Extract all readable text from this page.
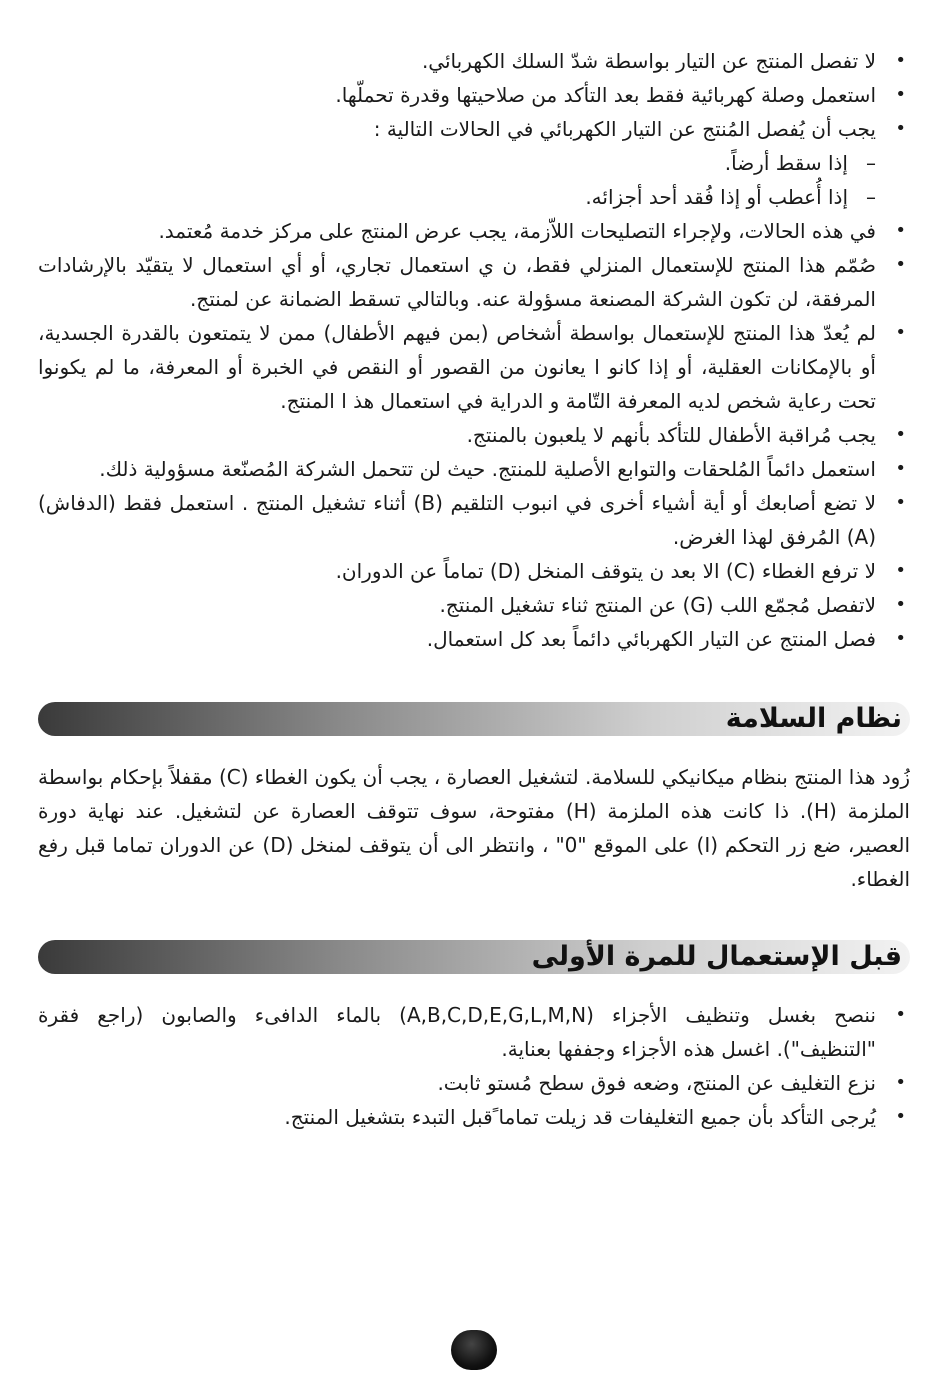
•
لا تفصل المنتج عن التيار بواسطة شدّ السلك الكهربائي.
•
استعمل وصلة كهربائية فقط بعد التأكد من صلاحيتها وقدرة تحملّها.
•
يجب أن يُفصل المُنتج عن التيار الكهربائي في الحالات التالية :
–
إذا سقط أرضاً.
–
إذا أُعطب أو إذا فُقد أحد أجزائه.
•
في هذه الحالات، ولإجراء التصليحات اللاّزمة، يجب عرض المنتج على مركز خدمة مُعتمد.
•
صُمّم هذا المنتج للإستعمال المنزلي فقط، ن ي استعمال تجاري، أو أي استعمال لا يتقيّد بالإرشادات المرفقة، لن تكون الشركة المصنعة مسؤولة عنه. وبالتالي تسقط الضمانة عن لمنتج.
•
لم يُعدّ هذا المنتج للإستعمال بواسطة أشخاص (بمن فيهم الأطفال) ممن لا يتمتعون بالقدرة الجسدية، أو بالإمكانات العقلية، أو إذا كانو ا يعانون من القصور أو النقص في الخبرة أو المعرفة، ما لم يكونوا تحت رعاية شخص لديه المعرفة التّامة و الدراية في استعمال هذ ا المنتج.
•
يجب مُراقبة الأطفال للتأكد بأنهم لا يلعبون بالمنتج.
•
استعمل دائماً المُلحقات والتوابع الأصلية للمنتج. حيث لن تتحمل الشركة المُصنّعة مسؤولية ذلك.
•
لا تضع أصابعك أو أية أشياء أخرى في انبوب التلقيم (B) أثناء تشغيل المنتج . استعمل فقط (الدفاش) (A) المُرفق لهذا الغرض.
•
لا ترفع الغطاء (C) الا بعد ن يتوقف المنخل (D) تماماً عن الدوران.
•
لاتفصل مُجمّع اللب (G) عن المنتج ثناء تشغيل المنتج.
•
فصل المنتج عن التيار الكهربائي دائماً بعد كل استعمال.
نظام السلامة

زُود هذا المنتج بنظام ميكانيكي للسلامة. لتشغيل العصارة ، يجب أن يكون الغطاء (C) مقفلاً بإحكام بواسطة الملزمة (H). ذا كانت هذه الملزمة (H) مفتوحة، سوف تتوقف العصارة عن لتشغيل. عند نهاية دورة العصير، ضع زر التحكم (I) على الموقع "0" ، وانتظر الى أن يتوقف لمنخل (D) عن الدوران تماما قبل رفع الغطاء.

قبل الإستعمال للمرة الأولى
•
ننصح بغسل وتنظيف الأجزاء (A,B,C,D,E,G,L,M,N) بالماء الدافىء والصابون (راجع فقرة "التنظيف"). اغسل هذه الأجزاء وجففها بعناية.
•
نزع التغليف عن المنتج، وضعه فوق سطح مُستو ثابت.
•
يُرجى التأكد بأن جميع التغليفات قد زيلت تماما ًقبل التبدء بتشغيل المنتج.
